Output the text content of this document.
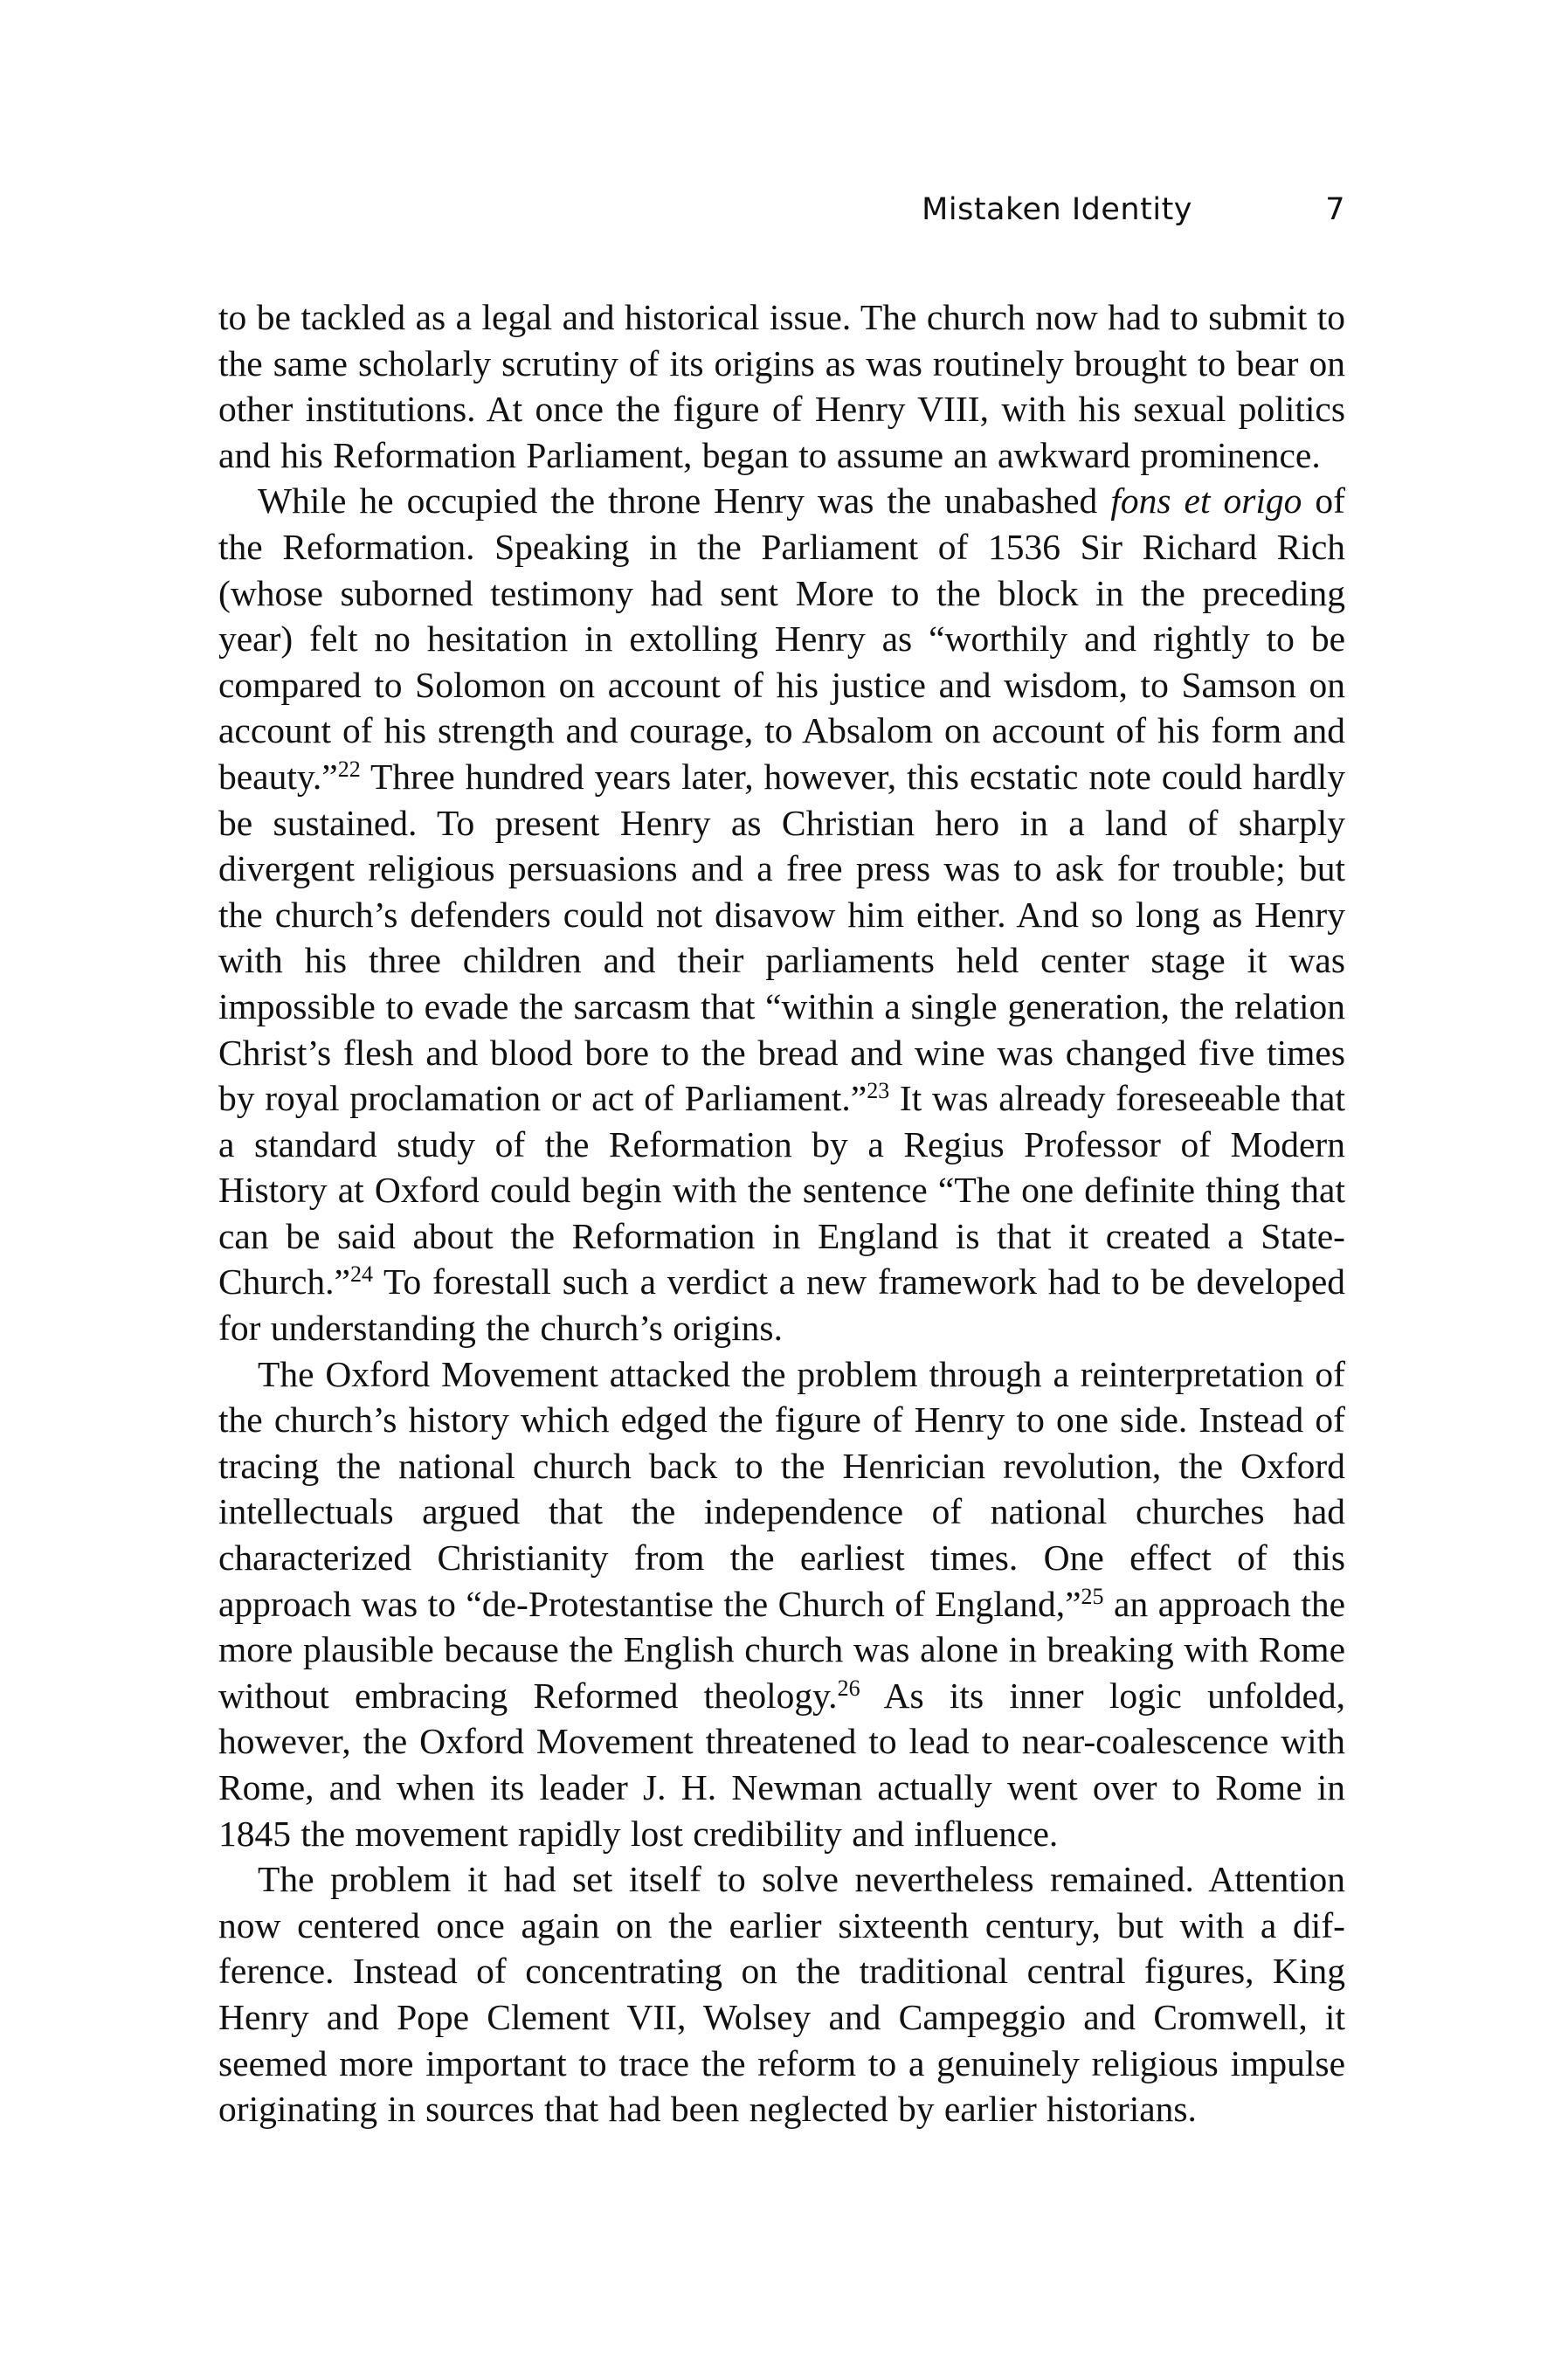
Mistaken Identity	7

to be tackled as a legal and historical issue. The church now had to submit to the same scholarly scrutiny of its origins as was routinely brought to bear on other institutions. At once the figure of Henry VIII, with his sexual politics and his Reformation Parliament, began to assume an awkward prominence.

While he occupied the throne Henry was the unabashed fons et origo of the Reformation. Speaking in the Parliament of 1536 Sir Richard Rich (whose suborned testimony had sent More to the block in the preceding year) felt no hesitation in extolling Henry as “worthily and rightly to be compared to Solomon on account of his justice and wisdom, to Samson on account of his strength and courage, to Absalom on account of his form and beauty.”$^{22}$ Three hundred years later, however, this ecstatic note could hardly be sustained. To present Henry as Christian hero in a land of sharply divergent religious persuasions and a free press was to ask for trouble; but the church’s defenders could not disavow him either. And so long as Henry with his three children and their parliaments held center stage it was impossible to evade the sarcasm that “within a single generation, the relation Christ’s flesh and blood bore to the bread and wine was changed five times by royal proclamation or act of Parliament.”$^{23}$ It was already foreseeable that a standard study of the Reformation by a Regius Professor of Modern History at Oxford could begin with the sentence “The one definite thing that can be said about the Reformation in England is that it created a State-Church.”$^{24}$ To forestall such a verdict a new framework had to be developed for understanding the church’s origins.

The Oxford Movement attacked the problem through a reinterpretation of the church’s history which edged the figure of Henry to one side. Instead of tracing the national church back to the Henrician revolution, the Oxford intellectuals argued that the independence of national churches had characterized Christianity from the earliest times. One effect of this approach was to “de-Protestantise the Church of England,”$^{25}$ an approach the more plausible because the English church was alone in breaking with Rome without embracing Reformed theology.$^{26}$ As its inner logic unfolded, however, the Oxford Movement threatened to lead to near-coalescence with Rome, and when its leader J. H. Newman actually went over to Rome in 1845 the movement rapidly lost credibility and influence.

The problem it had set itself to solve nevertheless remained. Attention now centered once again on the earlier sixteenth century, but with a difference. Instead of concentrating on the traditional central figures, King Henry and Pope Clement VII, Wolsey and Campeggio and Cromwell, it seemed more important to trace the reform to a genuinely religious impulse originating in sources that had been neglected by earlier historians.
